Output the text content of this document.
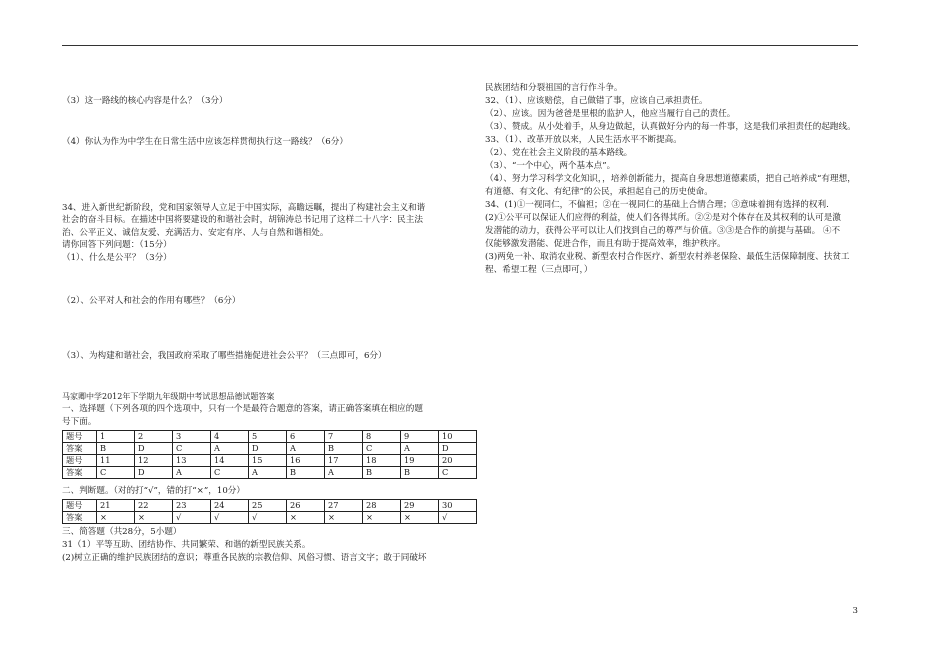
（3）这一路线的核心内容是什么？（3分）
（4）你认为作为中学生在日常生活中应该怎样贯彻执行这一路线？（6分）
34、进入新世纪新阶段，党和国家领导人立足于中国实际，高瞻远瞩，提出了构建社会主义和谐
社会的奋斗目标。在描述中国将要建设的和谐社会时，胡锦涛总书记用了这样二十八字：民主法
治、公平正义、诚信友爱、充满活力、安定有序、人与自然和谐相处。
请你回答下列问题：（15分）
（1）、什么是公平？（3分）
（2）、公平对人和社会的作用有哪些？（6分）
（3）、为构建和谐社会，我国政府采取了哪些措施促进社会公平？（三点即可，6分）
马家卿中学2012年下学期九年级期中考试思想品德试题答案
一、选择题（下列各项的四个选项中，只有一个是最符合题意的答案，请正确答案填在相应的题
号下面。
题号	1	2	3	4	5	6	7	8	9	10
答案	B	D	C	A	D	A	B	C	A	D
题号	11	12	13	14	15	16	17	18	19	20
答案	C	D	A	C	A	B	A	B	B	C
二、判断题。（对的打“√”，错的打“×”，10分）
题号	21	22	23	24	25	26	27	28	29	30
答案	×	×	√	√	√	×	×	×	×	√
三、简答题（共28分，5小题）
31（1）平等互助、团结协作、共同繁荣、和谐的新型民族关系。
(2)树立正确的维护民族团结的意识；尊重各民族的宗教信仰、风俗习惯、语言文字；敢于同破坏
民族团结和分裂祖国的言行作斗争。
32、（1）、应该赔偿，自己做错了事，应该自己承担责任。
（2）、应该。因为爸爸是里根的监护人，他应当履行自己的责任。
（3）、赞成。从小处着手，从身边做起，认真做好分内的每一件事，这是我们承担责任的起跑线。
33、（1）、改革开放以来，人民生活水平不断提高。
（2）、党在社会主义阶段的基本路线。
（3）、“一个中心，两个基本点”。
（4）、努力学习科学文化知识，，培养创新能力，提高自身思想道德素质，把自己培养成“有理想，
有道德、有文化、有纪律”的公民，承担起自己的历史使命。
34、(1)①一视同仁，不偏袒；②在一视同仁的基础上合情合理；③意味着拥有选择的权利.
(2)①公平可以保证人们应得的利益，使人们各得其所。②②是对个体存在及其权利的认可是激
发潜能的动力，获得公平可以让人们找到自己的尊严与价值。③③是合作的前提与基础。 ④不
仅能够激发潜能、促进合作，而且有助于提高效率，维护秩序。
(3)两免一补、取消农业税、新型农村合作医疗、新型农村养老保险、最低生活保障制度、扶贫工
程、希望工程（三点即可，）
3
